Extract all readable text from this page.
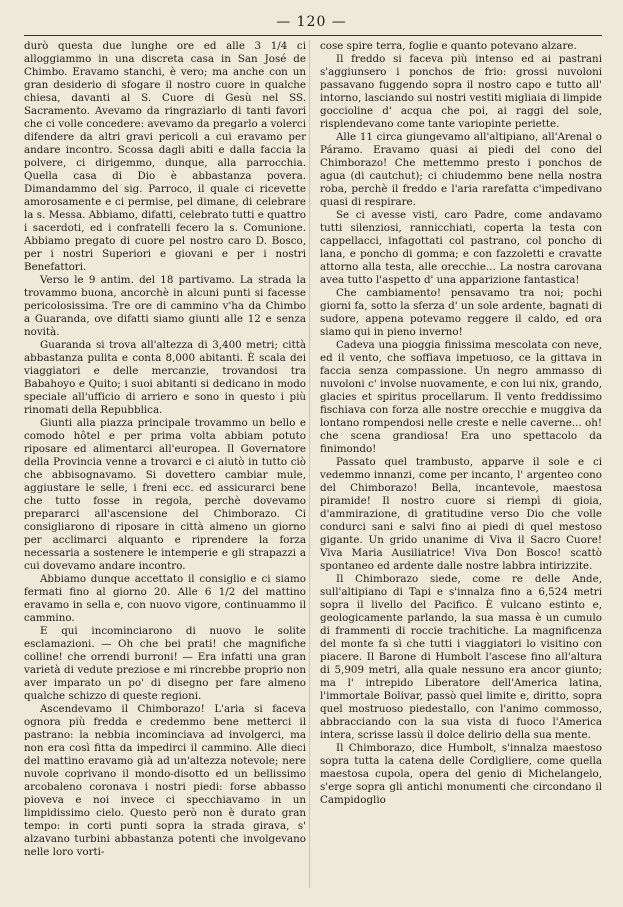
— 120 —

durò questa due lunghe ore ed alle 3 1/4 ci alloggiammo in una discreta casa in San José de Chimbo. Eravamo stanchi, è vero; ma anche con un gran desiderio di sfogare il nostro cuore in qualche chiesa, davanti al S. Cuore di Gesù nel SS. Sacramento. Avevamo da ringraziarlo di tanti favori che ci volle concedere: avevamo da pregarlo a volerci difendere da altri gravi pericoli a cui eravamo per andare incontro. Scossa dagli abiti e dalla faccia la polvere, ci dirigemmo, dunque, alla parrocchia. Quella casa di Dio è abbastanza povera. Dimandammo del sig. Parroco, il quale ci ricevette amorosamente e ci permise, pel dimane, di celebrare la s. Messa. Abbiamo, difatti, celebrato tutti e quattro i sacerdoti, ed i confratelli fecero la s. Comunione. Abbiamo pregato di cuore pel nostro caro D. Bosco, per i nostri Superiori e giovani e per i nostri Benefattori.

Verso le 9 antim. del 18 partivamo. La strada la trovammo buona, ancorchè in alcuni punti si facesse pericolosissima. Tre ore di cammino v'ha da Chimbo a Guaranda, ove difatti siamo giunti alle 12 e senza novità.

Guaranda si trova all'altezza di 3,400 metri; città abbastanza pulita e conta 8,000 abitanti. È scala dei viaggiatori e delle mercanzie, trovandosi tra Babahoyo e Quito; i suoi abitanti si dedicano in modo speciale all'ufficio di arriero e sono in questo i più rinomati della Repubblica.

Giunti alla piazza principale trovammo un bello e comodo hôtel e per prima volta abbiam potuto riposare ed alimentarci all'europea. Il Governatore della Provincia venne a trovarci e ci aiutò in tutto ciò che abbisognavamo. Si dovettero cambiar mule, aggiustare le selle, i freni ecc. ed assicurarci bene che tutto fosse in regola, perchè dovevamo prepararci all'ascensione del Chimborazo. Ci consigliarono di riposare in città almeno un giorno per acclimarci alquanto e riprendere la forza necessaria a sostenere le intemperie e gli strapazzi a cui dovevamo andare incontro.

Abbiamo dunque accettato il consiglio e ci siamo fermati fino al giorno 20. Alle 6 1/2 del mattino eravamo in sella e, con nuovo vigore, continuammo il cammino.

E qui incominciarono di nuovo le solite esclamazioni. — Oh che bei prati! che magnifiche colline! che orrendi burroni! — Era infatti una gran varietà di vedute preziose e mi rincrebbe proprio non aver imparato un po' di disegno per fare almeno qualche schizzo di queste regioni.

Ascendevamo il Chimborazo! L'aria si faceva ognora più fredda e credemmo bene metterci il pastrano: la nebbia incominciava ad involgerci, ma non era così fitta da impedirci il cammino. Alle dieci del mattino eravamo già ad un'altezza notevole; nere nuvole coprivano il mondo-disotto ed un bellissimo arcobaleno coronava i nostri piedi: forse abbasso pioveva e noi invece ci specchiavamo in un limpidissimo cielo. Questo però non è durato gran tempo: in corti punti sopra la strada girava, s' alzavano turbini abbastanza potenti che involgevano nelle loro vorti-

cose spire terra, foglie e quanto potevano alzare.

Il freddo si faceva più intenso ed ai pastrani s'aggiunsero i ponchos de frio: grossi nuvoloni passavano fuggendo sopra il nostro capo e tutto all' intorno, lasciando sui nostri vestiti migliaia di limpide goccioline d' acqua che poi, ai raggi del sole, risplendevano come tante variopinte periette.

Alle 11 circa giungevamo all'altipiano, all'Arenal o Páramo. Eravamo quasi ai piedi del cono del Chimborazo! Che mettemmo presto i ponchos de agua (di cautchut); ci chiudemmo bene nella nostra roba, perchè il freddo e l'aria rarefatta c'impedivano quasi di respirare.

Se ci avesse visti, caro Padre, come andavamo tutti silenziosi, rannicchiati, coperta la testa con cappellacci, infagottati col pastrano, col poncho di lana, e poncho di gomma; e con fazzoletti e cravatte attorno alla testa, alle orecchie... La nostra carovana avea tutto l'aspetto d' una apparizione fantastica!

Che cambiamento! pensavamo tra noi; pochi giorni fa, sotto la sferza d' un sole ardente, bagnati di sudore, appena potevamo reggere il caldo, ed ora siamo qui in pieno inverno!

Cadeva una pioggia finissima mescolata con neve, ed il vento, che soffiava impetuoso, ce la gittava in faccia senza compassione. Un negro ammasso di nuvoloni c' involse nuovamente, e con lui nix, grando, glacies et spiritus procellarum. Il vento freddissimo fischiava con forza alle nostre orecchie e muggiva da lontano rompendosi nelle creste e nelle caverne... oh! che scena grandiosa! Era uno spettacolo da finimondo!

Passato quel trambusto, apparve il sole e ci vedemmo innanzi, come per incanto, l' argenteo cono del Chimborazo! Bella, incantevole, maestosa piramide! Il nostro cuore si riempì di gioia, d'ammirazione, di gratitudine verso Dio che volle condurci sani e salvi fino ai piedi di quel mestoso gigante. Un grido unanime di Viva il Sacro Cuore! Viva Maria Ausiliatrice! Viva Don Bosco! scattò spontaneo ed ardente dalle nostre labbra intirizzite.

Il Chimborazo siede, come re delle Ande, sull'altipiano di Tapi e s'innalza fino a 6,524 metri sopra il livello del Pacifico. È vulcano estinto e, geologicamente parlando, la sua massa è un cumulo di frammenti di roccie trachitiche. La magnificenza del monte fa sì che tutti i viaggiatori lo visitino con piacere. Il Barone di Humbolt l'ascese fino all'altura di 5,909 metri, alla quale nessuno era ancor giunto; ma l' intrepido Liberatore dell'America latina, l'immortale Bolivar, passò quel limite e, diritto, sopra quel mostruoso piedestallo, con l'animo commosso, abbracciando con la sua vista di fuoco l'America intera, scrisse lassù il dolce delirio della sua mente.

Il Chimborazo, dice Humbolt, s'innalza maestoso sopra tutta la catena delle Cordigliere, come quella maestosa cupola, opera del genio di Michelangelo, s'erge sopra gli antichi monumenti che circondano il Campidoglio
